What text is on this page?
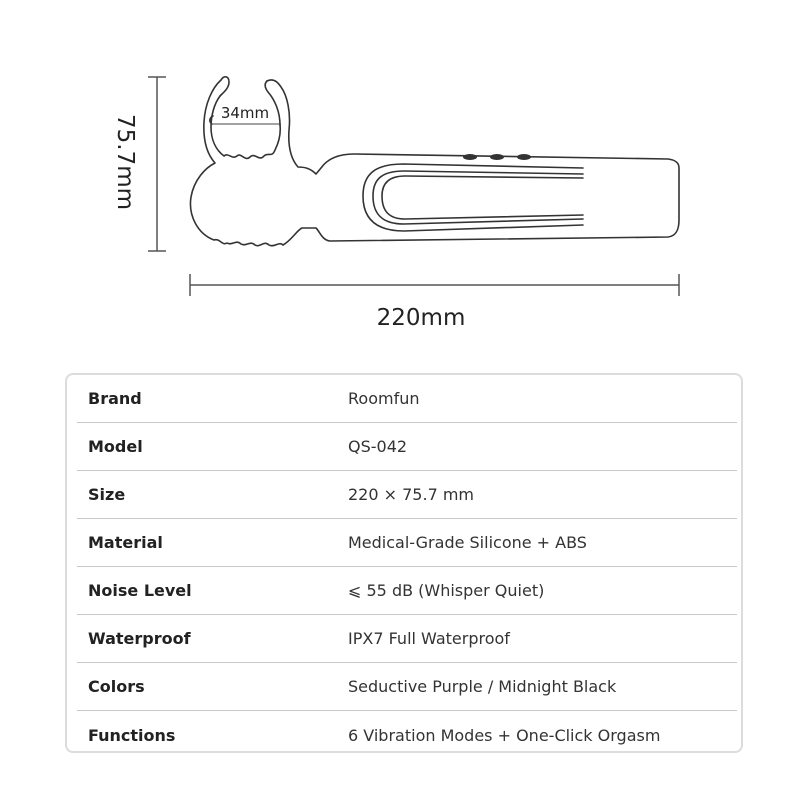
75.7mm
220mm
34mm
Brand	Roomfun
Model	QS-042
Size	220 × 75.7 mm
Material	Medical-Grade Silicone + ABS
Noise Level	⩽ 55 dB (Whisper Quiet)
Waterproof	IPX7 Full Waterproof
Colors	Seductive Purple / Midnight Black
Functions	6 Vibration Modes + One-Click Orgasm
